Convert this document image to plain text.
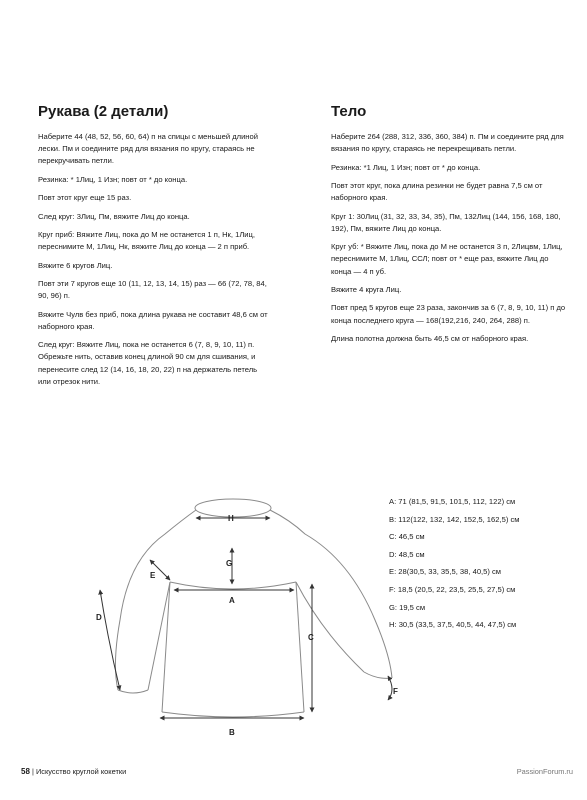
Рукава (2 детали)

Наберите 44 (48, 52, 56, 60, 64) п на спицы с меньшей длиной лески. Пм и соедините ряд для вязания по кругу, стараясь не перекручивать петли.

Резинка: * 1Лиц, 1 Изн; повт от * до конца.

Повт этот круг еще 15 раз.

След круг: 3Лиц, Пм, вяжите Лиц до конца.

Круг приб: Вяжите Лиц, пока до М не останется 1 п, Нк, 1Лиц, переснимите М, 1Лиц, Нк, вяжите Лиц до конца — 2 п приб.

Вяжите 6 кругов Лиц.

Повт эти 7 кругов еще 10 (11, 12, 13, 14, 15) раз — 66 (72, 78, 84, 90, 96) п.

Вяжите Чулв без приб, пока длина рукава не составит 48,6 см от наборного края.

След круг: Вяжите Лиц, пока не останется 6 (7, 8, 9, 10, 11) п. Обрежьте нить, оставив конец длиной 90 см для сшивания, и перенесите след 12 (14, 16, 18, 20, 22) п на держатель петель или отрезок нити.

Тело

Наберите 264 (288, 312, 336, 360, 384) п. Пм и соедините ряд для вязания по кругу, стараясь не перекрещивать петли.

Резинка: *1 Лиц, 1 Изн; повт от * до конца.

Повт этот круг, пока длина резинки не будет равна 7,5 см от наборного края.

Круг 1: 30Лиц (31, 32, 33, 34, 35), Пм, 132Лиц (144, 156, 168, 180, 192), Пм, вяжите Лиц до конца.

Круг уб: * Вяжите Лиц, пока до М не останется 3 п, 2Лицвм, 1Лиц, переснимите М, 1Лиц, ССЛ; повт от * еще раз, вяжите Лиц до конца — 4 п уб.

Вяжите 4 круга Лиц.

Повт пред 5 кругов еще 23 раза, закончив за 6 (7, 8, 9, 10, 11) п до конца последнего круга — 168(192,216, 240, 264, 288) п.

Длина полотна должна быть 46,5 см от наборного края.

H
G
A
E
D
C
F
B
A: 71 (81,5, 91,5, 101,5, 112, 122) см
B: 112(122, 132, 142, 152,5, 162,5) см
C: 46,5 см
D: 48,5 см
E: 28(30,5, 33, 35,5, 38, 40,5) см
F: 18,5 (20,5, 22, 23,5, 25,5, 27,5) см
G: 19,5 см
H: 30,5 (33,5, 37,5, 40,5, 44, 47,5) см
58 | Искусство круглой кокетки	PassionForum.ru
